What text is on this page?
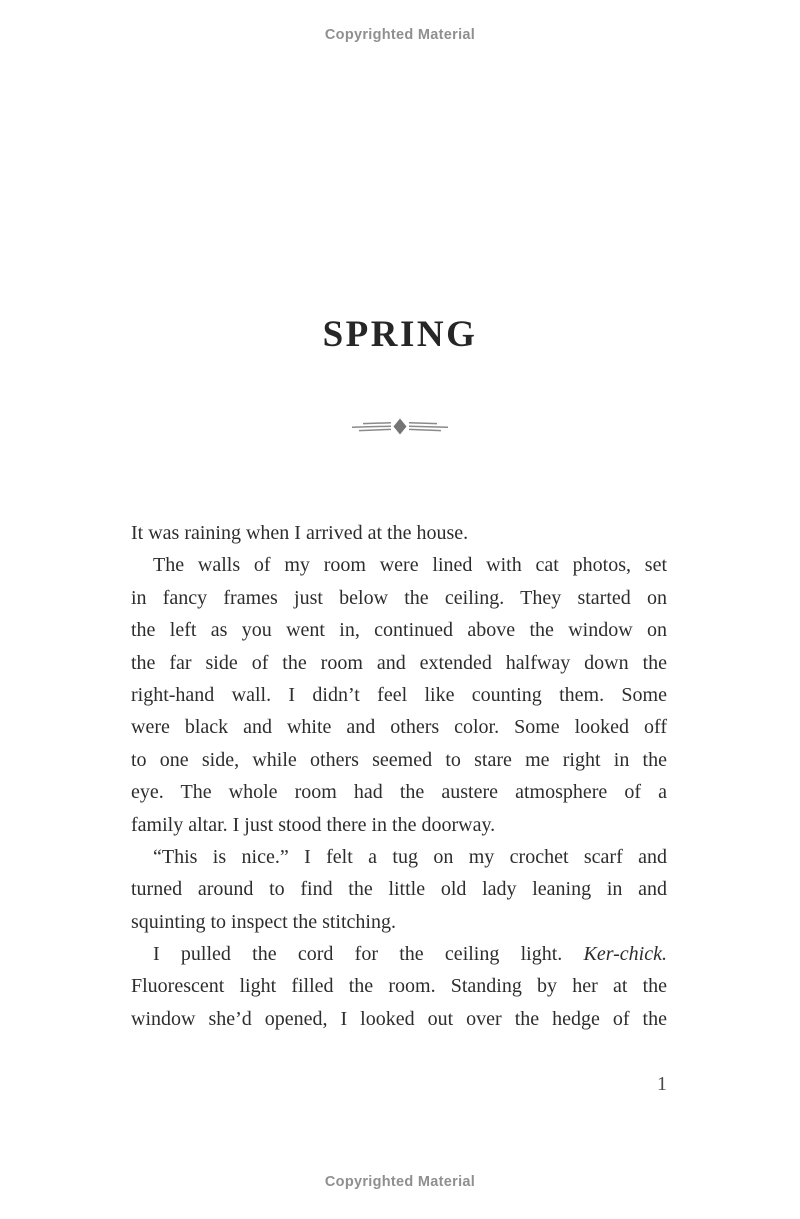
Copyrighted Material
SPRING
It was raining when I arrived at the house.
The walls of my room were lined with cat photos, set
in fancy frames just below the ceiling. They started on
the left as you went in, continued above the window on
the far side of the room and extended halfway down the
right-hand wall. I didn’t feel like counting them. Some
were black and white and others color. Some looked off
to one side, while others seemed to stare me right in the
eye. The whole room had the austere atmosphere of a
family altar. I just stood there in the doorway.
“This is nice.” I felt a tug on my crochet scarf and
turned around to find the little old lady leaning in and
squinting to inspect the stitching.
I pulled the cord for the ceiling light. Ker-chick.
Fluorescent light filled the room. Standing by her at the
window she’d opened, I looked out over the hedge of the
1
Copyrighted Material
